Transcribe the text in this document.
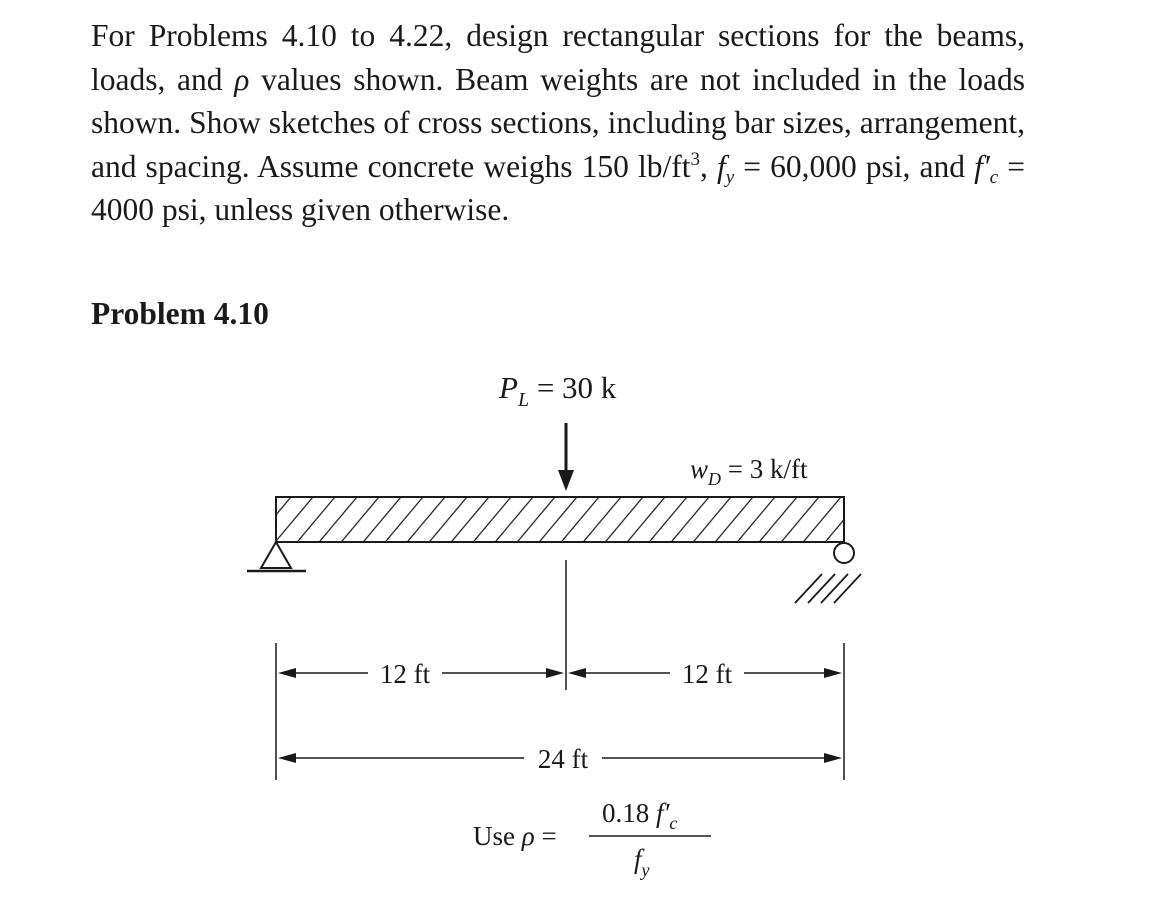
For Problems 4.10 to 4.22, design rectangular sections for the beams, loads, and ρ values shown. Beam weights are not included in the loads shown. Show sketches of cross sections, including bar sizes, arrangement, and spacing. Assume concrete weighs 150 $lb/ft^3$, $f_y = 60,000$ psi, and $f'_c = 4000$ psi, unless given otherwise.

Problem 4.10

$P_L = 30$ k
$w_D = 3$ k/ft
12 ft	12 ft
24 ft
Use ρ =
0.18 $f'_c$
$f_y$
